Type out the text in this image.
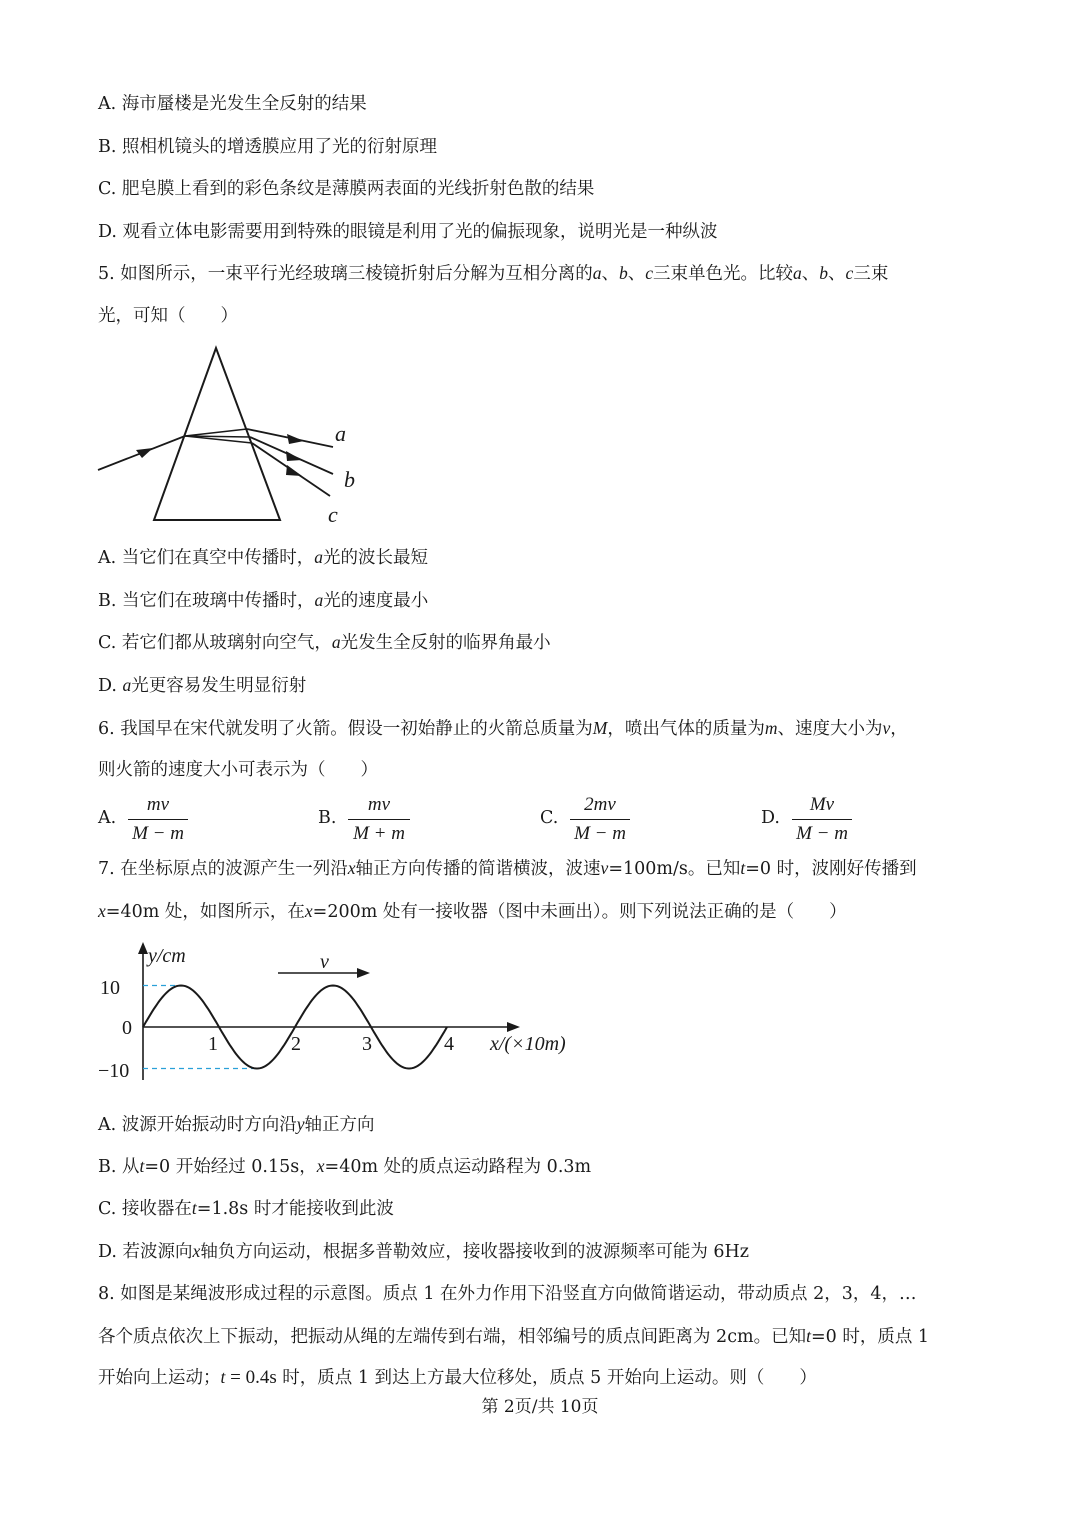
A. 海市蜃楼是光发生全反射的结果
B. 照相机镜头的增透膜应用了光的衍射原理
C. 肥皂膜上看到的彩色条纹是薄膜两表面的光线折射色散的结果
D. 观看立体电影需要用到特殊的眼镜是利用了光的偏振现象，说明光是一种纵波
5. 如图所示，一束平行光经玻璃三棱镜折射后分解为互相分离的a、b、c三束单色光。比较a、b、c三束
光，可知（　　）
a
b
c
A. 当它们在真空中传播时，a光的波长最短
B. 当它们在玻璃中传播时，a光的速度最小
C. 若它们都从玻璃射向空气，a光发生全反射的临界角最小
D. a光更容易发生明显衍射
6. 我国早在宋代就发明了火箭。假设一初始静止的火箭总质量为M，喷出气体的质量为m、速度大小为v，
则火箭的速度大小可表示为（　　）
A.
mv
M − m
B.
mv
M + m
C.
2mv
M − m
D.
Mv
M − m
7. 在坐标原点的波源产生一列沿x轴正方向传播的简谐横波，波速v=100m/s。已知t=0 时，波刚好传播到
x=40m 处，如图所示，在x=200m 处有一接收器（图中未画出）。则下列说法正确的是（　　）
y/cm
x/(×10m)
10
0
−10
1	2	3	4
v
A. 波源开始振动时方向沿y轴正方向
B. 从t=0 开始经过 0.15s，x=40m 处的质点运动路程为 0.3m
C. 接收器在t=1.8s 时才能接收到此波
D. 若波源向x轴负方向运动，根据多普勒效应，接收器接收到的波源频率可能为 6Hz
8. 如图是某绳波形成过程的示意图。质点 1 在外力作用下沿竖直方向做简谐运动，带动质点 2，3，4，…
各个质点依次上下振动，把振动从绳的左端传到右端，相邻编号的质点间距离为 2cm。已知t=0 时，质点 1
开始向上运动；t = 0.4s 时，质点 1 到达上方最大位移处，质点 5 开始向上运动。则（　　）
第 2页/共 10页
